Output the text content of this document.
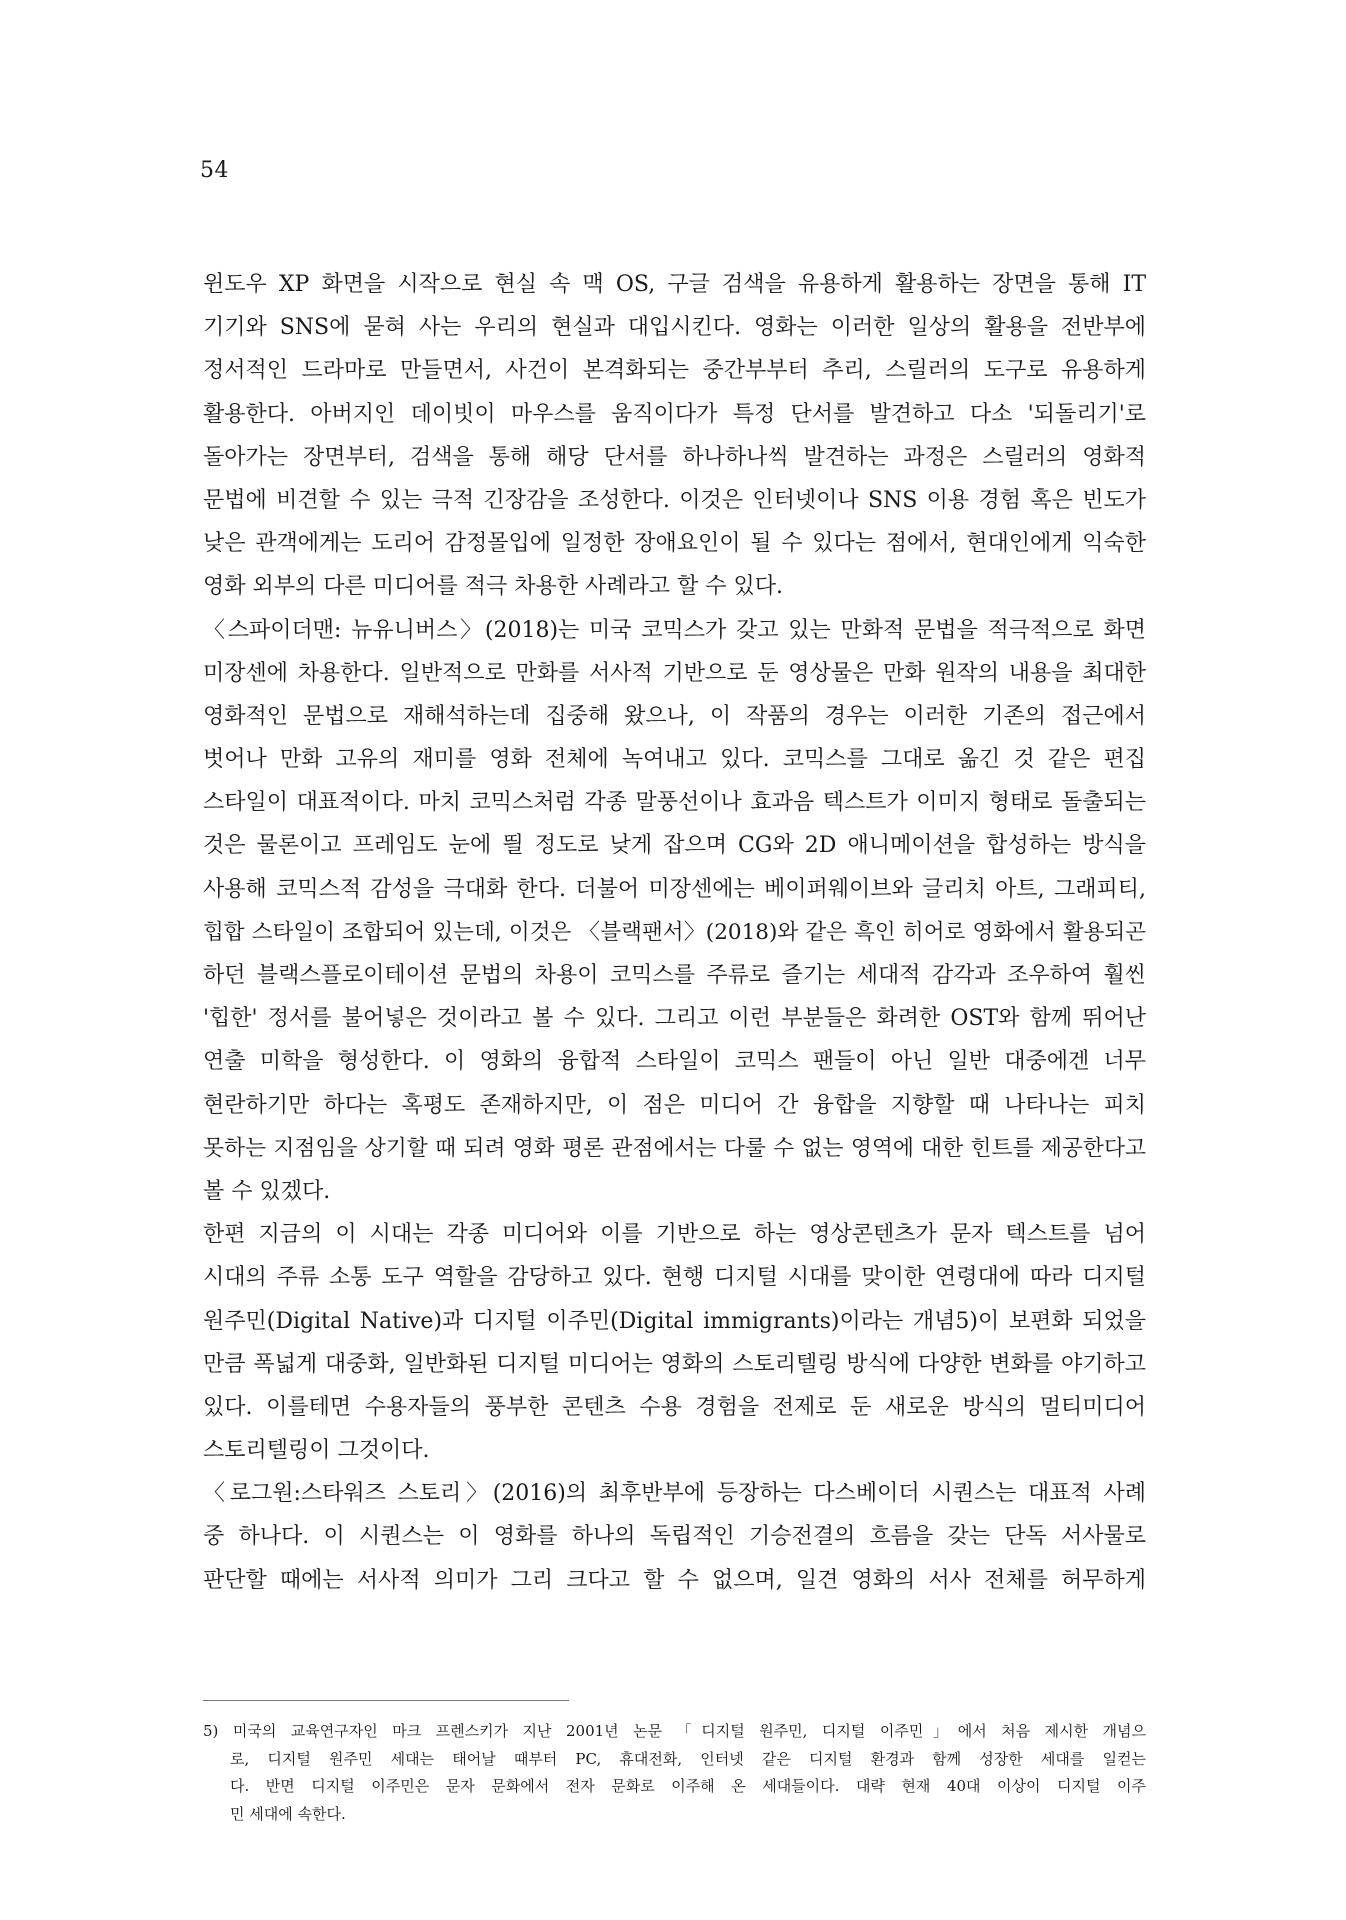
54
윈도우 XP 화면을 시작으로 현실 속 맥 OS, 구글 검색을 유용하게 활용하는 장면을 통해 IT
기기와 SNS에 묻혀 사는 우리의 현실과 대입시킨다. 영화는 이러한 일상의 활용을 전반부에
정서적인 드라마로 만들면서, 사건이 본격화되는 중간부부터 추리, 스릴러의 도구로 유용하게
활용한다. 아버지인 데이빗이 마우스를 움직이다가 특정 단서를 발견하고 다소 '되돌리기'로
돌아가는 장면부터, 검색을 통해 해당 단서를 하나하나씩 발견하는 과정은 스릴러의 영화적
문법에 비견할 수 있는 극적 긴장감을 조성한다. 이것은 인터넷이나 SNS 이용 경험 혹은 빈도가
낮은 관객에게는 도리어 감정몰입에 일정한 장애요인이 될 수 있다는 점에서, 현대인에게 익숙한
영화 외부의 다른 미디어를 적극 차용한 사례라고 할 수 있다.
〈스파이더맨: 뉴유니버스〉(2018)는 미국 코믹스가 갖고 있는 만화적 문법을 적극적으로 화면
미장센에 차용한다. 일반적으로 만화를 서사적 기반으로 둔 영상물은 만화 원작의 내용을 최대한
영화적인 문법으로 재해석하는데 집중해 왔으나, 이 작품의 경우는 이러한 기존의 접근에서
벗어나 만화 고유의 재미를 영화 전체에 녹여내고 있다. 코믹스를 그대로 옮긴 것 같은 편집
스타일이 대표적이다. 마치 코믹스처럼 각종 말풍선이나 효과음 텍스트가 이미지 형태로 돌출되는
것은 물론이고 프레임도 눈에 띌 정도로 낮게 잡으며 CG와 2D 애니메이션을 합성하는 방식을
사용해 코믹스적 감성을 극대화 한다. 더불어 미장센에는 베이퍼웨이브와 글리치 아트, 그래피티,
힙합 스타일이 조합되어 있는데, 이것은 〈블랙팬서〉(2018)와 같은 흑인 히어로 영화에서 활용되곤
하던 블랙스플로이테이션 문법의 차용이 코믹스를 주류로 즐기는 세대적 감각과 조우하여 훨씬
'힙한' 정서를 불어넣은 것이라고 볼 수 있다. 그리고 이런 부분들은 화려한 OST와 함께 뛰어난
연출 미학을 형성한다. 이 영화의 융합적 스타일이 코믹스 팬들이 아닌 일반 대중에겐 너무
현란하기만 하다는 혹평도 존재하지만, 이 점은 미디어 간 융합을 지향할 때 나타나는 피치
못하는 지점임을 상기할 때 되려 영화 평론 관점에서는 다룰 수 없는 영역에 대한 힌트를 제공한다고
볼 수 있겠다.
한편 지금의 이 시대는 각종 미디어와 이를 기반으로 하는 영상콘텐츠가 문자 텍스트를 넘어
시대의 주류 소통 도구 역할을 감당하고 있다. 현행 디지털 시대를 맞이한 연령대에 따라 디지털
원주민(Digital Native)과 디지털 이주민(Digital immigrants)이라는 개념5)이 보편화 되었을
만큼 폭넓게 대중화, 일반화된 디지털 미디어는 영화의 스토리텔링 방식에 다양한 변화를 야기하고
있다. 이를테면 수용자들의 풍부한 콘텐츠 수용 경험을 전제로 둔 새로운 방식의 멀티미디어
스토리텔링이 그것이다.
〈로그원:스타워즈 스토리〉(2016)의 최후반부에 등장하는 다스베이더 시퀀스는 대표적 사례
중 하나다. 이 시퀀스는 이 영화를 하나의 독립적인 기승전결의 흐름을 갖는 단독 서사물로
판단할 때에는 서사적 의미가 그리 크다고 할 수 없으며, 일견 영화의 서사 전체를 허무하게
5) 미국의 교육연구자인 마크 프렌스키가 지난 2001년 논문 「디지털 원주민, 디지털 이주민」에서 처음 제시한 개념으
로, 디지털 원주민 세대는 태어날 때부터 PC, 휴대전화, 인터넷 같은 디지털 환경과 함께 성장한 세대를 일컫는
다. 반면 디지털 이주민은 문자 문화에서 전자 문화로 이주해 온 세대들이다. 대략 현재 40대 이상이 디지털 이주
민 세대에 속한다.
